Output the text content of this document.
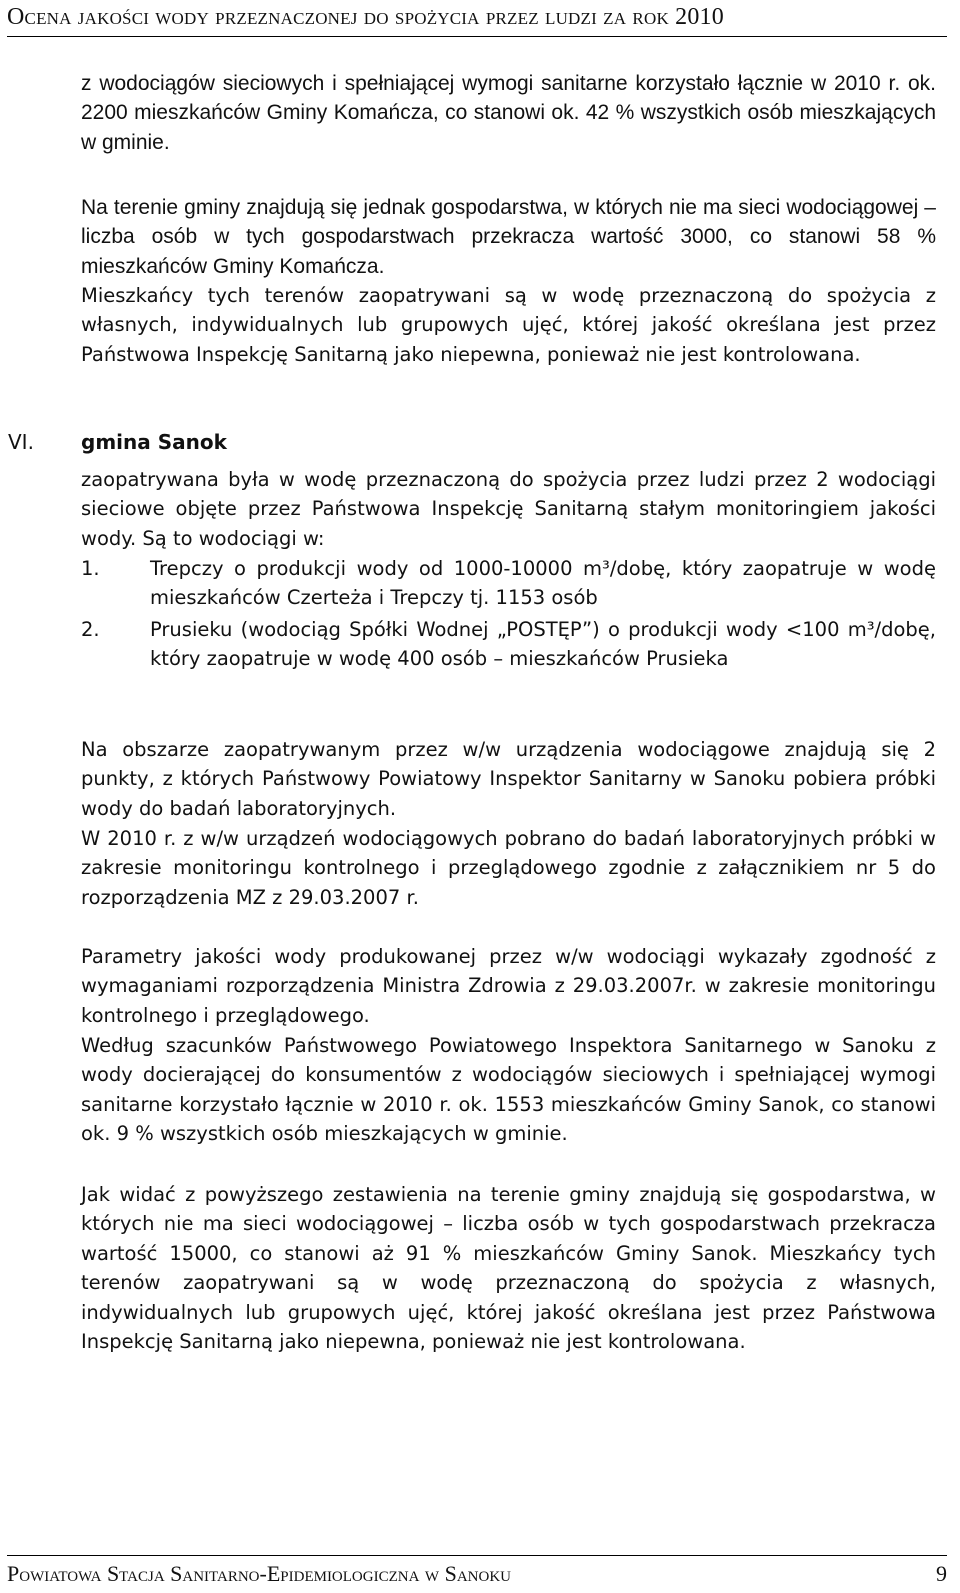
Ocena jakości wody przeznaczonej do spożycia przez ludzi za rok 2010
z wodociągów sieciowych i spełniającej wymogi sanitarne korzystało łącznie w 2010 r. ok. 2200 mieszkańców Gminy Komańcza, co stanowi ok. 42 % wszystkich osób mieszkających w gminie.
Na terenie gminy znajdują się jednak gospodarstwa, w których nie ma sieci wodociągowej – liczba osób w tych gospodarstwach przekracza wartość 3000, co stanowi 58 % mieszkańców Gminy Komańcza.
Mieszkańcy tych terenów zaopatrywani są w wodę przeznaczoną do spożycia z własnych, indywidualnych lub grupowych ujęć, której jakość określana jest przez Państwowa Inspekcję Sanitarną jako niepewna, ponieważ nie jest kontrolowana.
VI. gmina Sanok
zaopatrywana była w wodę przeznaczoną do spożycia przez ludzi przez 2 wodociągi sieciowe objęte przez Państwowa Inspekcję Sanitarną stałym monitoringiem jakości wody. Są to wodociągi w:
1.	Trepczy o produkcji wody od 1000-10000 m³/dobę, który zaopatruje w wodę mieszkańców Czerteża i Trepczy tj. 1153 osób
2.	Prusieku (wodociąg Spółki Wodnej „POSTĘP”) o produkcji wody <100 m³/dobę, który zaopatruje w wodę 400 osób – mieszkańców Prusieka
Na obszarze zaopatrywanym przez w/w urządzenia wodociągowe znajdują się 2 punkty, z których Państwowy Powiatowy Inspektor Sanitarny w Sanoku pobiera próbki wody do badań laboratoryjnych.
W 2010 r. z w/w urządzeń wodociągowych pobrano do badań laboratoryjnych próbki w zakresie monitoringu kontrolnego i przeglądowego zgodnie z załącznikiem nr 5 do rozporządzenia MZ z 29.03.2007 r.
Parametry jakości wody produkowanej przez w/w wodociągi wykazały zgodność z wymaganiami rozporządzenia Ministra Zdrowia z 29.03.2007r. w zakresie monitoringu kontrolnego i przeglądowego.
Według szacunków Państwowego Powiatowego Inspektora Sanitarnego w Sanoku z wody docierającej do konsumentów z wodociągów sieciowych i spełniającej wymogi sanitarne korzystało łącznie w 2010 r. ok. 1553 mieszkańców Gminy Sanok, co stanowi ok. 9 % wszystkich osób mieszkających w gminie.
Jak widać z powyższego zestawienia na terenie gminy znajdują się gospodarstwa, w których nie ma sieci wodociągowej – liczba osób w tych gospodarstwach przekracza wartość 15000, co stanowi aż 91 % mieszkańców Gminy Sanok. Mieszkańcy tych terenów zaopatrywani są w wodę przeznaczoną do spożycia z własnych, indywidualnych lub grupowych ujęć, której jakość określana jest przez Państwowa Inspekcję Sanitarną jako niepewna, ponieważ nie jest kontrolowana.
Powiatowa Stacja Sanitarno-Epidemiologiczna w Sanoku	9
